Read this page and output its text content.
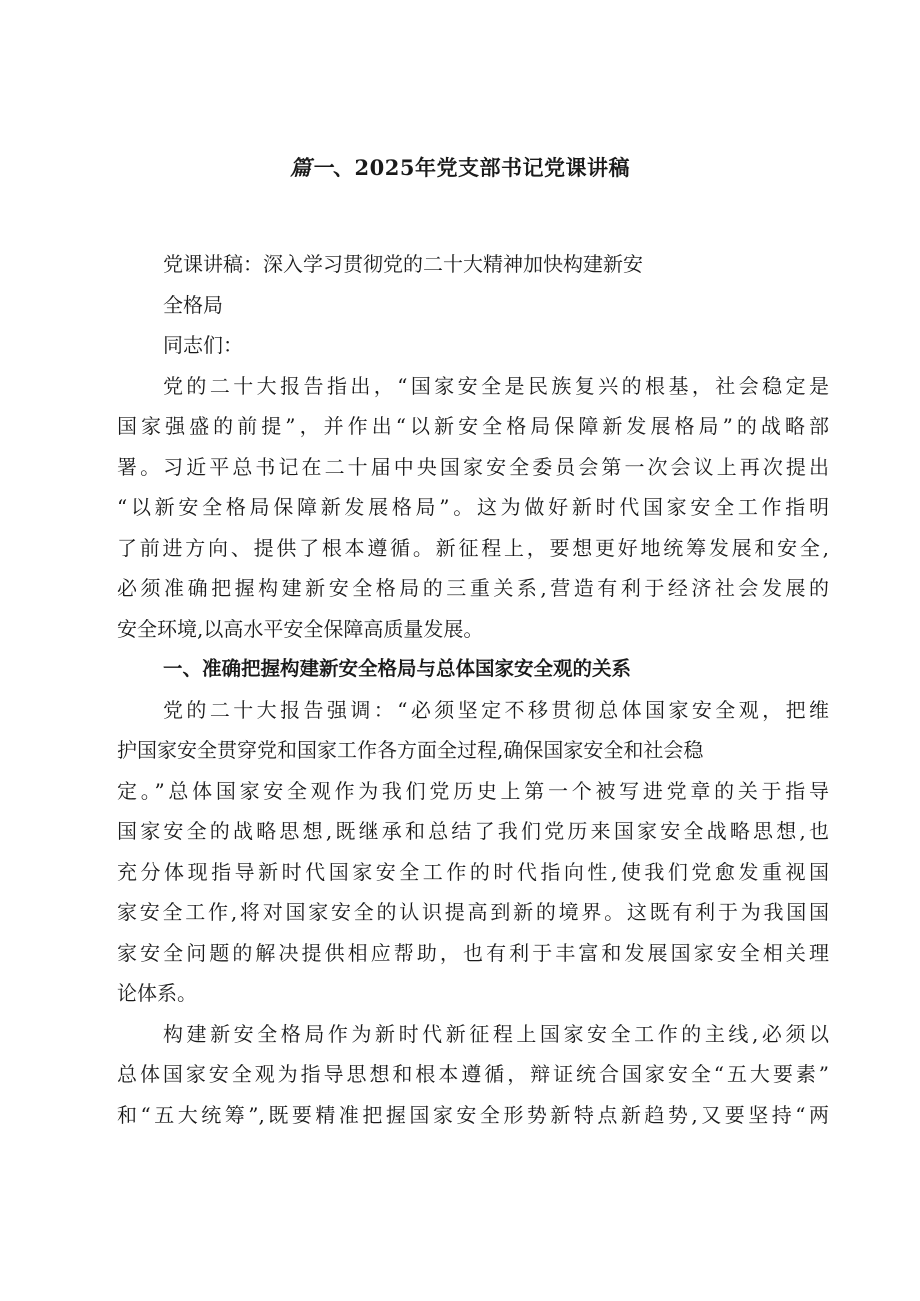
篇一、2025年党支部书记党课讲稿
党课讲稿：深入学习贯彻党的二十大精神加快构建新安
全格局
同志们：
党的二十大报告指出，“国家安全是民族复兴的根基，社会稳定是
国家强盛的前提”，并作出“以新安全格局保障新发展格局”的战略部
署。习近平总书记在二十届中央国家安全委员会第一次会议上再次提出
“以新安全格局保障新发展格局”。这为做好新时代国家安全工作指明
了前进方向、提供了根本遵循。新征程上，要想更好地统筹发展和安全,
必须准确把握构建新安全格局的三重关系,营造有利于经济社会发展的
安全环境,以高水平安全保障高质量发展。
一、准确把握构建新安全格局与总体国家安全观的关系
党的二十大报告强调：“必须坚定不移贯彻总体国家安全观，把维
护国家安全贯穿党和国家工作各方面全过程,确保国家安全和社会稳
定。”总体国家安全观作为我们党历史上第一个被写进党章的关于指导
国家安全的战略思想,既继承和总结了我们党历来国家安全战略思想,也
充分体现指导新时代国家安全工作的时代指向性,使我们党愈发重视国
家安全工作,将对国家安全的认识提高到新的境界。这既有利于为我国国
家安全问题的解决提供相应帮助，也有利于丰富和发展国家安全相关理
论体系。
构建新安全格局作为新时代新征程上国家安全工作的主线,必须以
总体国家安全观为指导思想和根本遵循，辩证统合国家安全“五大要素”
和“五大统筹”,既要精准把握国家安全形势新特点新趋势,又要坚持“两
